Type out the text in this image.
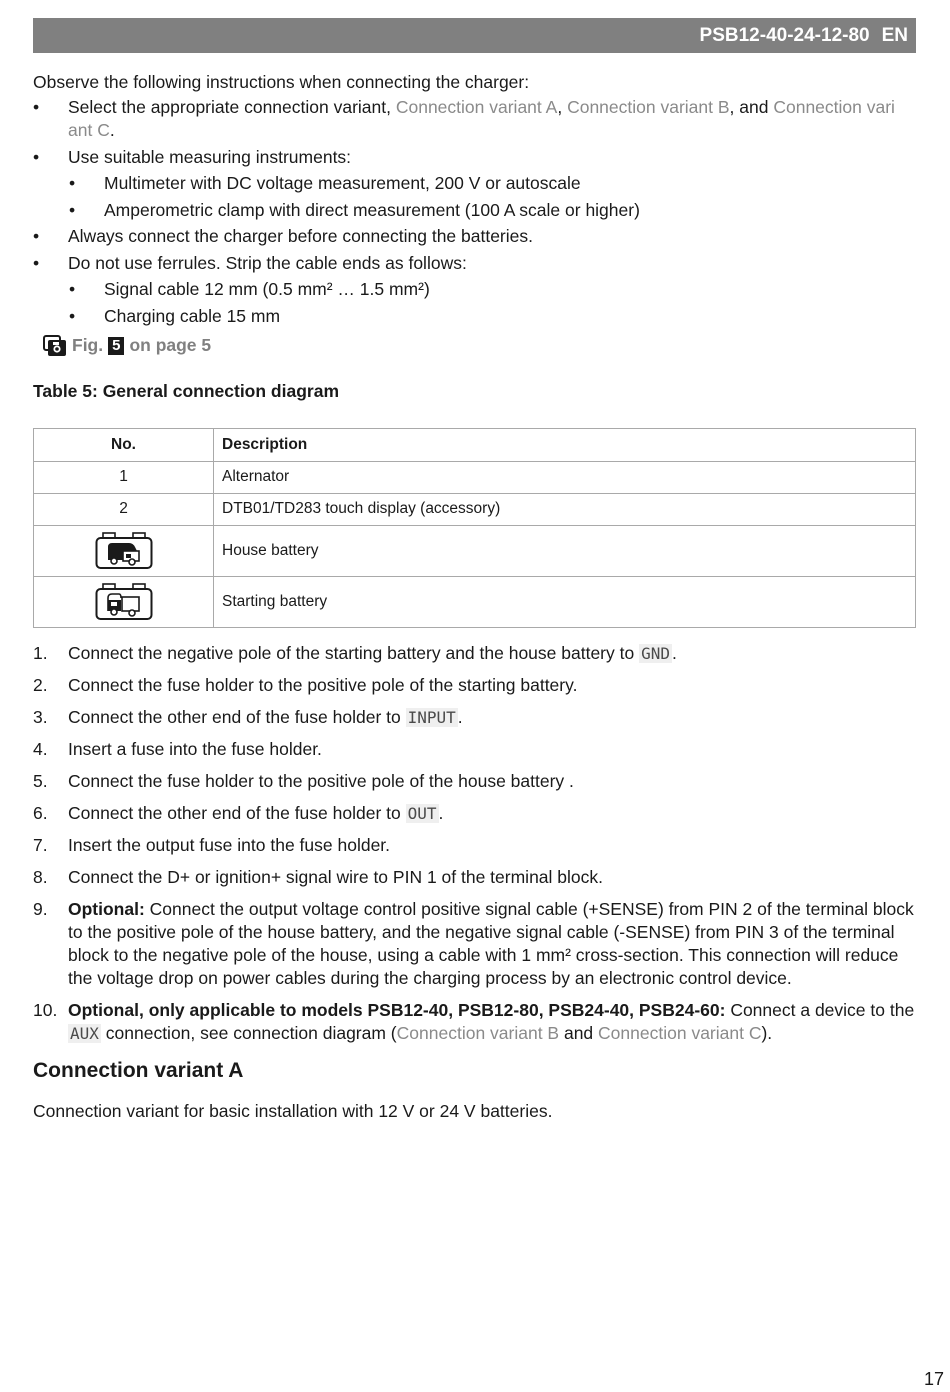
PSB12-40-24-12-80 EN
Observe the following instructions when connecting the charger:
• Select the appropriate connection variant, Connection variant A, Connection variant B, and Connection vari ant C.
• Use suitable measuring instruments:
• Multimeter with DC voltage measurement, 200 V or autoscale
• Amperometric clamp with direct measurement (100 A scale or higher)
• Always connect the charger before connecting the batteries.
• Do not use ferrules. Strip the cable ends as follows:
• Signal cable 12 mm (0.5 mm² … 1.5 mm²)
• Charging cable 15 mm
Fig. 5 on page 5
Table 5: General connection diagram
No.	Description
1	Alternator
2	DTB01/TD283 touch display (accessory)

	House battery

	Starting battery
1. Connect the negative pole of the starting battery and the house battery to GND .
2. Connect the fuse holder to the positive pole of the starting battery.
3. Connect the other end of the fuse holder to INPUT .
4. Insert a fuse into the fuse holder.
5. Connect the fuse holder to the positive pole of the house battery .
6. Connect the other end of the fuse holder to OUT .
7. Insert the output fuse into the fuse holder.
8. Connect the D+ or ignition+ signal wire to PIN 1 of the terminal block.
9. Optional: Connect the output voltage control positive signal cable (+SENSE) from PIN 2 of the terminal block to the positive pole of the house battery, and the negative signal cable (-SENSE) from PIN 3 of the terminal block to the negative pole of the house, using a cable with 1 mm² cross-section. This connection will reduce the voltage drop on power cables during the charging process by an electronic control device.
10. Optional, only applicable to models PSB12-40, PSB12-80, PSB24-40, PSB24-60: Connect a device to the AUX connection, see connection diagram (Connection variant B and Connection variant C).
Connection variant A
Connection variant for basic installation with 12 V or 24 V batteries.
17
